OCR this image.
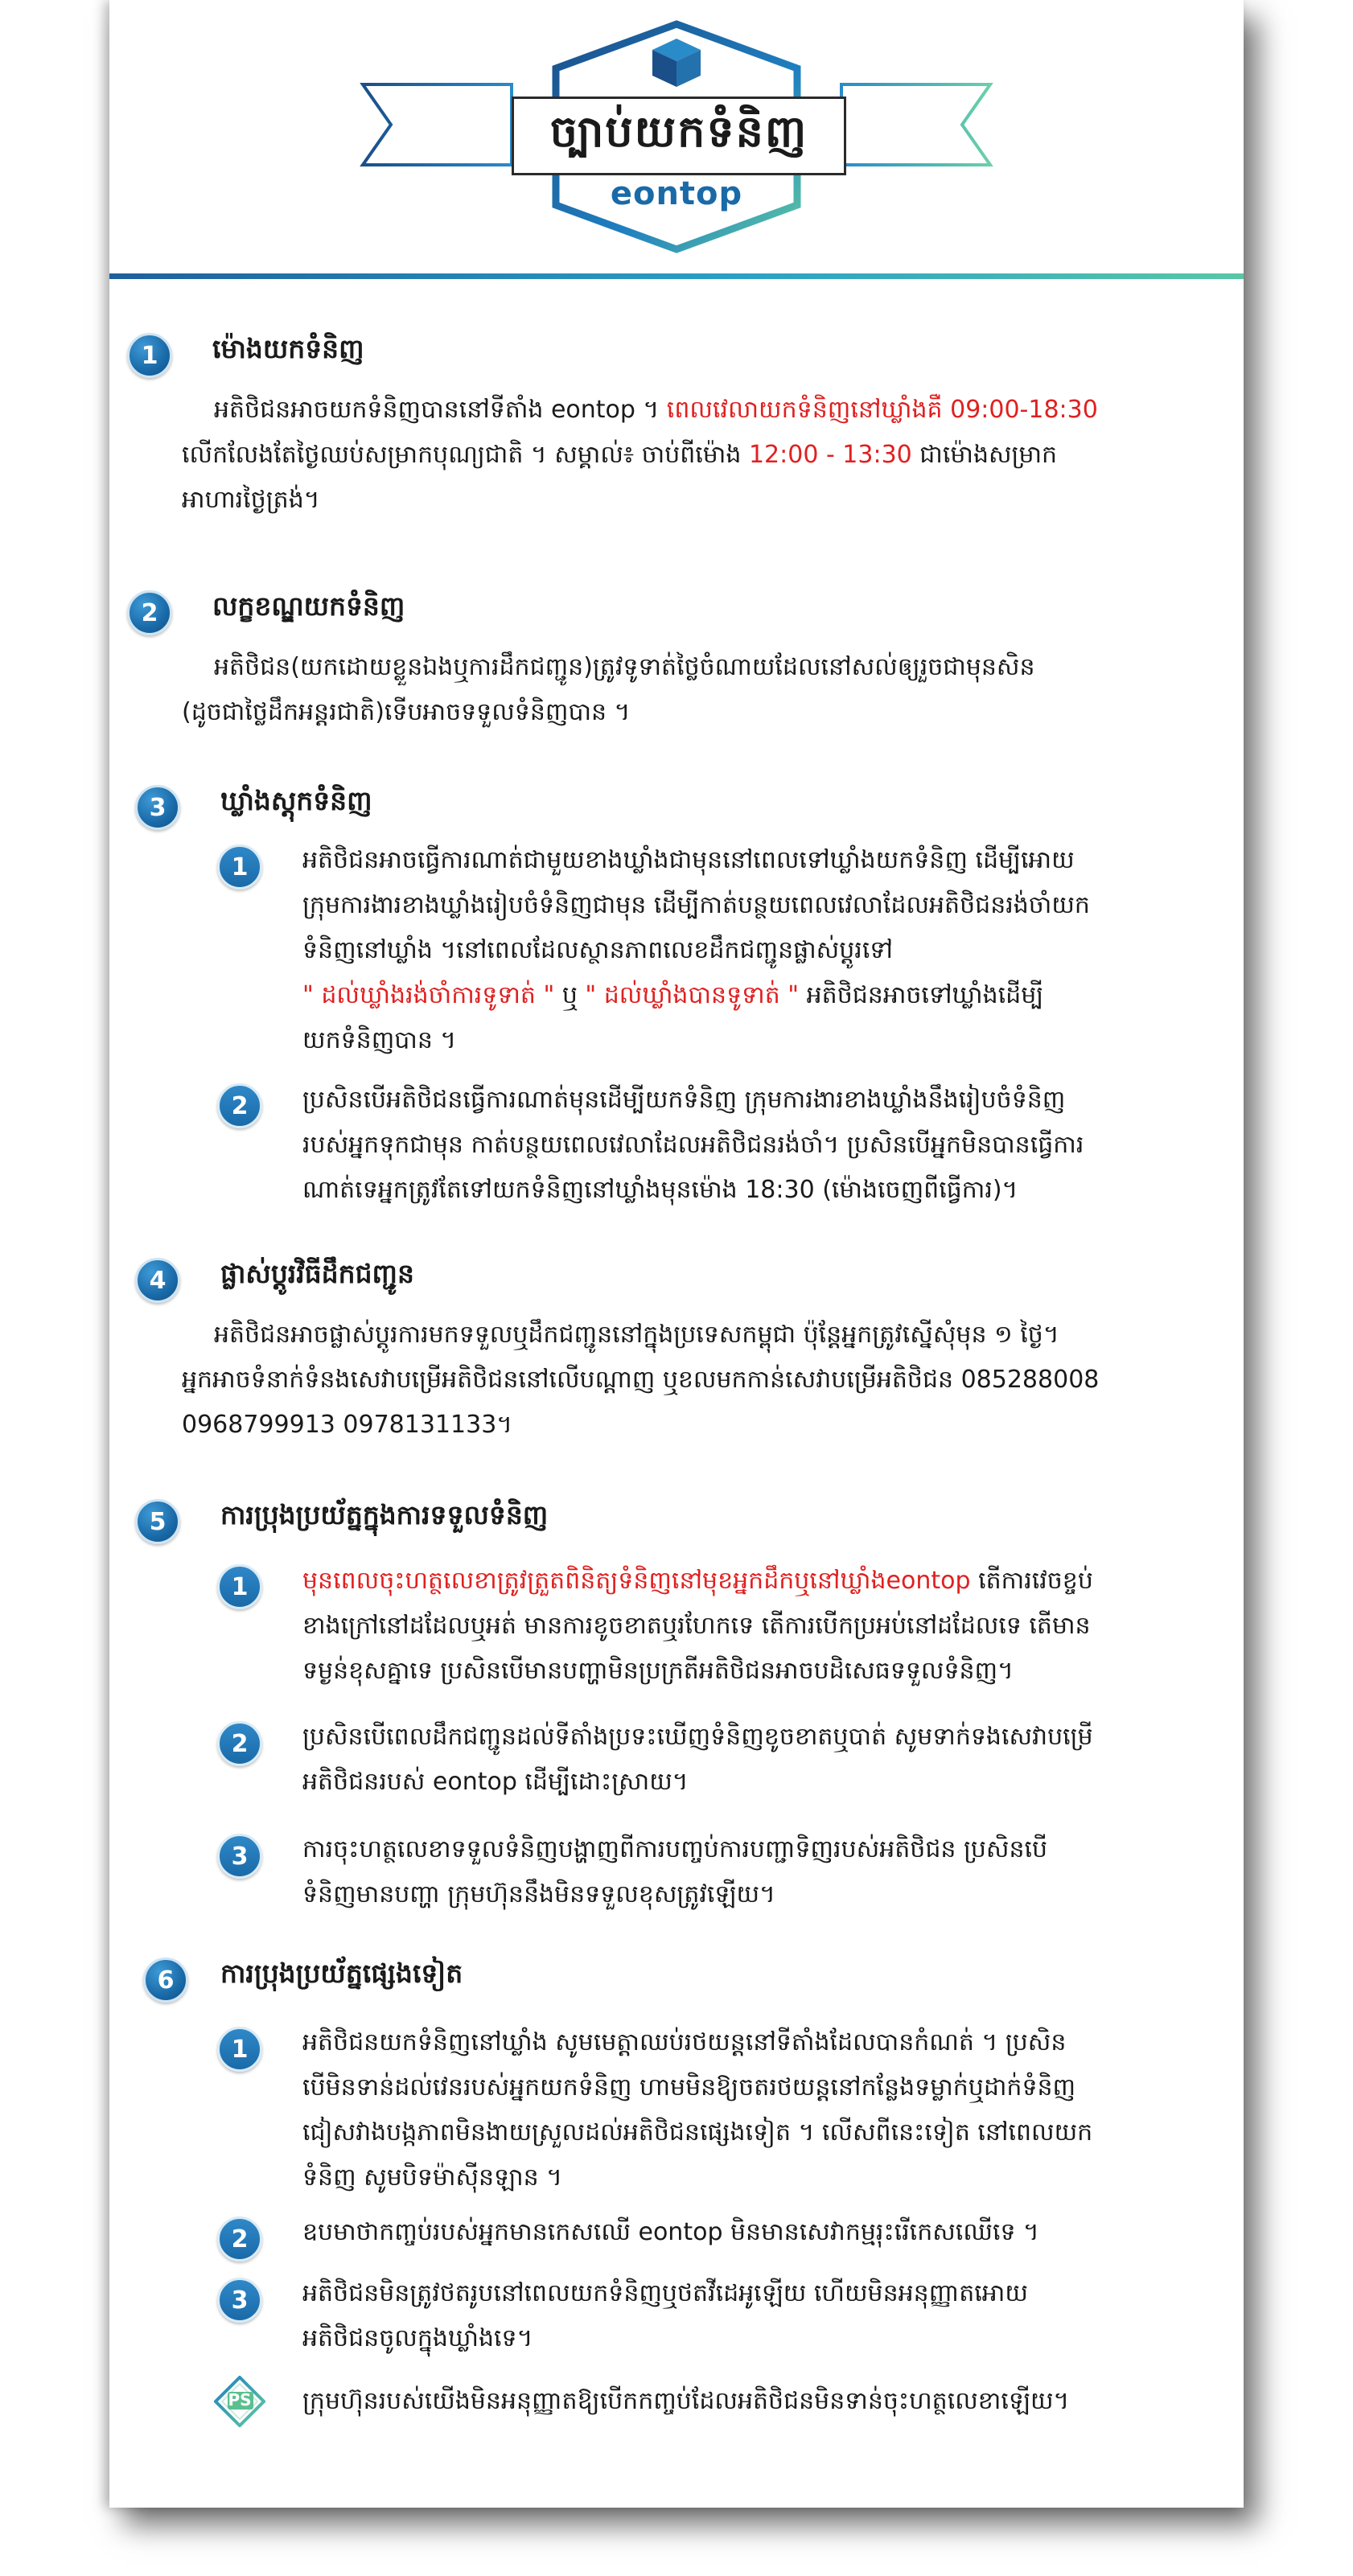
ច្បាប់យកទំនិញ
eontop
1	ម៉ោងយកទំនិញ
អតិថិជនអាចយកទំនិញបាននៅទីតាំង eontop ។ ពេលវេលាយកទំនិញនៅឃ្លាំងគឺ 09:00-18:30
លើកលែងតែថ្ងៃឈប់សម្រាកបុណ្យជាតិ ។ សម្គាល់៖ ចាប់ពីម៉ោង 12:00 - 13:30 ជាម៉ោងសម្រាក
អាហារថ្ងៃត្រង់។
2	លក្ខខណ្ឌយកទំនិញ
អតិថិជន(យកដោយខ្លួនឯងឬការដឹកជញ្ជូន)ត្រូវទូទាត់ថ្លៃចំណាយដែលនៅសល់ឲ្យរួចជាមុនសិន
(ដូចជាថ្លៃដឹកអន្តរជាតិ)ទើបអាចទទួលទំនិញបាន ។
3	ឃ្លាំងស្តុកទំនិញ
1	អតិថិជនអាចធ្វើការណាត់ជាមួយខាងឃ្លាំងជាមុននៅពេលទៅឃ្លាំងយកទំនិញ ដើម្បីអោយ
ក្រុមការងារខាងឃ្លាំងរៀបចំទំនិញជាមុន ដើម្បីកាត់បន្ថយពេលវេលាដែលអតិថិជនរង់ចាំយក
ទំនិញនៅឃ្លាំង ។នៅពេលដែលស្ថានភាពលេខដឹកជញ្ជូនផ្លាស់ប្តូរទៅ
" ដល់ឃ្លាំងរង់ចាំការទូទាត់ " ឬ " ដល់ឃ្លាំងបានទូទាត់ " អតិថិជនអាចទៅឃ្លាំងដើម្បី
យកទំនិញបាន ។
2	ប្រសិនបើអតិថិជនធ្វើការណាត់មុនដើម្បីយកទំនិញ ក្រុមការងារខាងឃ្លាំងនឹងរៀបចំទំនិញ
របស់អ្នកទុកជាមុន កាត់បន្ថយពេលវេលាដែលអតិថិជនរង់ចាំ។ ប្រសិនបើអ្នកមិនបានធ្វើការ
ណាត់ទេអ្នកត្រូវតែទៅយកទំនិញនៅឃ្លាំងមុនម៉ោង 18:30 (ម៉ោងចេញពីធ្វើការ)។
4	ផ្លាស់ប្តូរវិធីដឹកជញ្ជូន
អតិថិជនអាចផ្លាស់ប្តូរការមកទទួលឬដឹកជញ្ជូននៅក្នុងប្រទេសកម្ពុជា ប៉ុន្តែអ្នកត្រូវស្នើសុំមុន ១ ថ្ងៃ។
អ្នកអាចទំនាក់ទំនងសេវាបម្រើអតិថិជននៅលើបណ្តាញ ឬខលមកកាន់សេវាបម្រើអតិថិជន 085288008
0968799913 0978131133។
5	ការប្រុងប្រយ័ត្នក្នុងការទទួលទំនិញ
1	មុនពេលចុះហត្ថលេខាត្រូវត្រួតពិនិត្យទំនិញនៅមុខអ្នកដឹកឬនៅឃ្លាំងeontop តើការវេចខ្ចប់
ខាងក្រៅនៅដដែលឬអត់ មានការខូចខាតឬរហែកទេ តើការបើកប្រអប់នៅដដែលទេ តើមាន
ទម្ងន់ខុសគ្នាទេ ប្រសិនបើមានបញ្ហាមិនប្រក្រតីអតិថិជនអាចបដិសេធទទួលទំនិញ។
2	ប្រសិនបើពេលដឹកជញ្ជូនដល់ទីតាំងប្រទះឃើញទំនិញខូចខាតឬបាត់ សូមទាក់ទងសេវាបម្រើ
អតិថិជនរបស់ eontop ដើម្បីដោះស្រាយ។
3	ការចុះហត្ថលេខាទទួលទំនិញបង្ហាញពីការបញ្ចប់ការបញ្ជាទិញរបស់អតិថិជន ប្រសិនបើ
ទំនិញមានបញ្ហា ក្រុមហ៊ុននឹងមិនទទួលខុសត្រូវឡើយ។
6	ការប្រុងប្រយ័ត្នផ្សេងទៀត
1	អតិថិជនយកទំនិញនៅឃ្លាំង សូមមេត្តាឈប់រថយន្តនៅទីតាំងដែលបានកំណត់ ។ ប្រសិន
បើមិនទាន់ដល់វេនរបស់អ្នកយកទំនិញ ហាមមិនឱ្យចតរថយន្តនៅកន្លែងទម្លាក់ឬដាក់ទំនិញ
ជៀសវាងបង្កភាពមិនងាយស្រួលដល់អតិថិជនផ្សេងទៀត ។ លើសពីនេះទៀត នៅពេលយក
ទំនិញ សូមបិទម៉ាស៊ីនឡាន ។
2	ឧបមាថាកញ្ចប់របស់អ្នកមានកេសឈើ eontop មិនមានសេវាកម្មរុះរើកេសឈើទេ ។
3	អតិថិជនមិនត្រូវថតរូបនៅពេលយកទំនិញឬថតវីដេអូឡើយ ហើយមិនអនុញ្ញាតអោយ
អតិថិជនចូលក្នុងឃ្លាំងទេ។
PS ក្រុមហ៊ុនរបស់យើងមិនអនុញ្ញាតឱ្យបើកកញ្ចប់ដែលអតិថិជនមិនទាន់ចុះហត្ថលេខាឡើយ។
